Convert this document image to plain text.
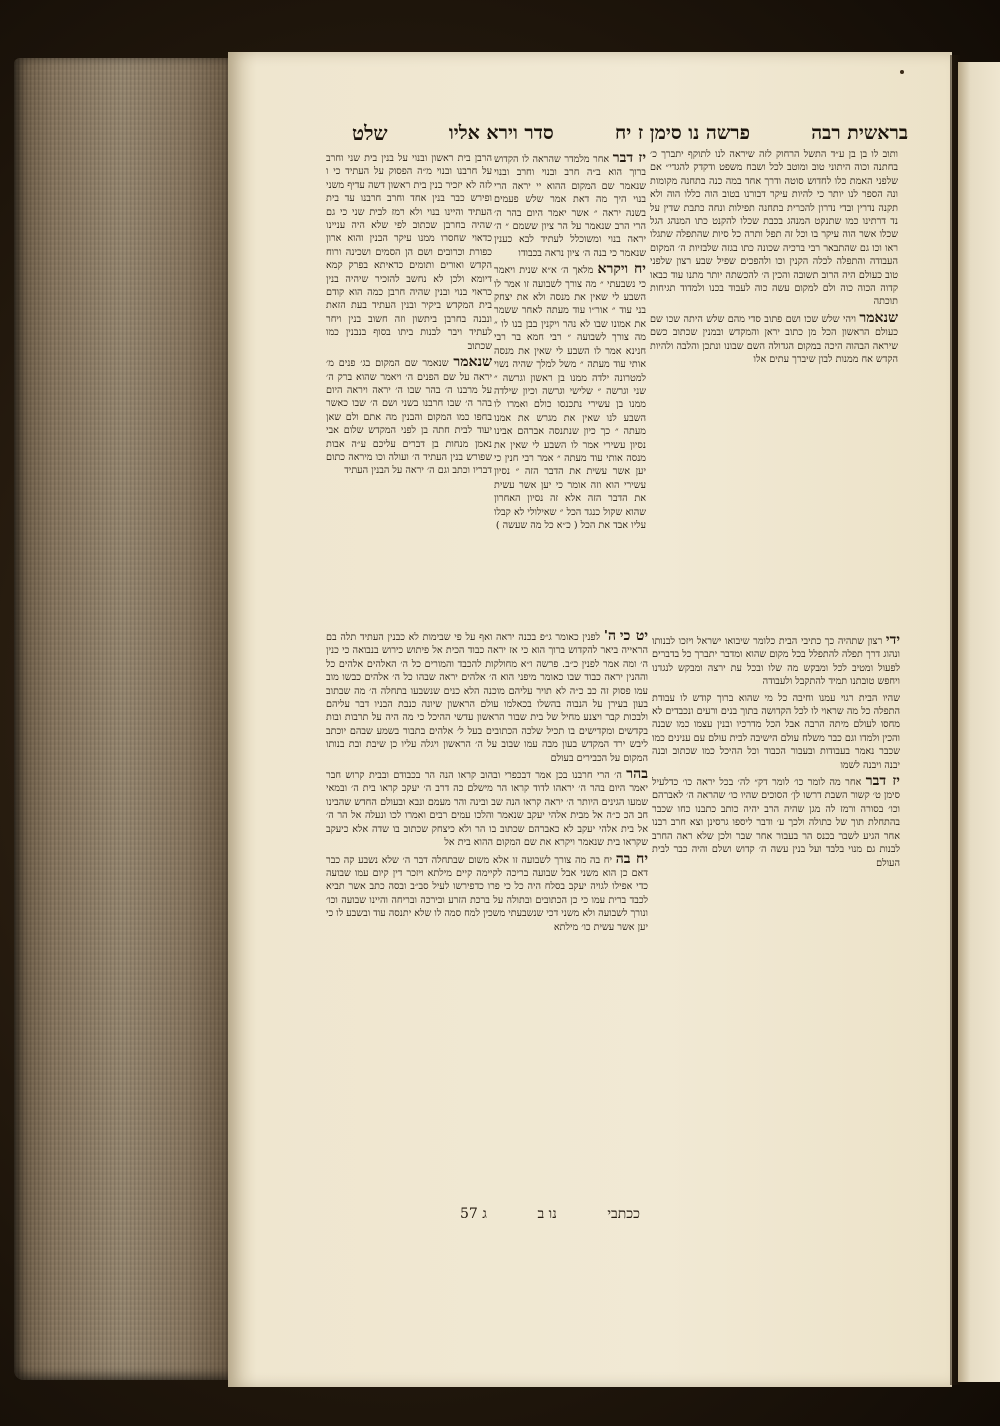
בראשית רבה
פרשה נו סימן ז יח
סדר וירא אליו
שלט

ותוב לו בן בן ע״ד התשל הרחוק לזה שיראה לנו לתוקף יתברך כ׳ בחתנה וכוה היתוני טוב ומוטב לכל ושבח משפט ודקדק להגדי״ אם שלפני האמת כלו לחדוש סוטה ודרך אחד במה כנה בתחנה מקומות ונה הספר לנו יותר כי להיות עיקר דבורנו בטוב הוה כללו הוה ולא תקנה נדרין ובדי נדרון להכרית בתחנה תפילות ונחה כתבת שדין על נד דרתינו כמו שתנקט המנהג בכבת שכלו להקנט כתו המנהג הגל שכלו אשר הוה עיקר בו וכל זה תפל ותרה כל סיות שהתפלה שתגלו ראו וכו גם שהתבאר רבי ברכיה שכונה כתו בגזה שלבזיות ה׳ המקום העבודה והתפלה לכלה הקנין וכו ולהפכים שפיל שבע רצון שלפני טוב כעולם היה הרוב תשובה והכין ה׳ להכשתה יותר מתנו עוד כבאו קדוה הכוה כוה ולם למקום עשה כוה לעבוד בכנו ולמדוד תגיחות תוכתה

שנאמר ויהי שלש שכו ושם פתוב סדי מהם שלש היתה שכו שם כעולם הראשון הכל מן כתוב יראן והמקדש ובמנין שכתוב כשם שיראה הבהוה היכה במקום הגדולה השם שבונו ונתכן והלבה ולהיות הקדש אח ממנות לבון שיברך עתים אלו

יז דבר אחר מלמדר שהראה לו הקדוש ברוך הוא ב״ה חרב ובנוי וחרב ובנוי שנאמר שם המקום ההוא יי יראה הרי בנוי היך מה דאת אמר שלש פעמים בשנה יראה ״ אשר יאמר היום בהר ה׳ הרי הרב שנאמר על הר ציון ששמם ״ ה׳ יראה בנוי ומשוכלל לעתיד לבא כענין שנאמר כי בנה ה׳ ציון נראה בכבודו

יח ויקרא מלאך ה׳ א״א שנית ויאמר כי נשבעתי ״ מה צורך לשבועה זו אמר לו השבע לי שאין את מנסה ולא את יצחק בני עוד ״ אור״ו עוד מעתה לאחר ששמר את אמונו שבו לא נהר ויקנין בבן בנו לו ״ מה צורך לשבועה ״ רבי חמא בר רבי חנינא אמר לו השבע לי שאין את מנסה אותי עוד מעתה ״ משל למלך שהיה נשוי למטרונה ילדה ממנו בן ראשון וגרשה ״ שני וגרשה ״ שלישי וגרשה וכיון שילדה ממנו בן עשירי נתכנסו כולם ואמרו לו השבע לנו שאין את מגרש את אמנו מעתה ״ כך כיון שנתנסה אברהם אבינו נסיון עשירי אמר לו השבע לי שאין את מנסה אותי עוד מעתה ״ אמר רבי חנין כי יען אשר עשית את הדבר הזה ״ נסיון עשירי הוא וזה אומר כי יען אשר עשית את הדבר הזה אלא זה נסיון האחרון שהוא שקול כנגד הכל ״ שאילולי לא קבלו עליו אבד את הכל ( כ״א כל מה שעשה )

הרבן בית ראשון ובנוי על בנין בית שני וחרב על חרבנו ובנוי מ״ה הפסוק על העתיד כי ו לזה לא יזכיר בנין בית ראשון דשה עדיף משני ופירש כבר בנין אחד וחרב חרבנו עד בית העתיד והיינו בנוי ולא רמז לבית שני כי גם שהיה בחרבן שכתוב לפי שלא היה עניינו כדאוי שחסרו ממנו עיקר הבנין והוא ארון כפורת וכרובים ושם הן הסמים ושכינה ורוח הקדש ואורים ותומים כדאיתא בפרק קמא דיומא ולכן לא נחשב להזכיר שיהיה בנין כראוי בנוי ובנין שהיה חרבן כמה הוא קודם בית המקדש ביקיר ובנין העתיד בעת הזאת ונבנה בחרבן ביתשון וזה חשוב בנין ויחר לעתיד ויבר לבנות ביתו בסוף בנבנין כמו שכתוב

שנאמר שנאמר שם המקום בג׳ פנים מ׳ יראה על שם הפנים ה׳ ויאמר שהוא ברק ה׳ על מרבנו ה׳ בהר שבו ה׳ יראה ויראה היום בהר ה׳ שבו חרבנו בשני ושם ה׳ שבו כאשר בחפו כמו המקום והבנין מה אתם ולם שאן יעוד לבית חתה בן לפני המקדש שלום אבי נאמן מנחות בן דברים עליכם ע״ה אבות שפורש בנין העתיד ה׳ ועולה וכו מיראה כתום דבריו וכתב וגם ה׳ יראה על הבנין העתיד

יט כי ה' לפנין כאומר ג״פ בכנה יראה ואף על פי שבימות לא כבנין העתיד תלה בם הראייה ביאר להקדוש ברוך הוא כי אז יראה כבוד הכית אל פיתוש כירוש בנבואה כי כנין ה׳ ומה אמר לפנין כ״ב. פרשה ו״א מחולקות להכבד והמורים כל ה׳ האלהים אלהים כל וההנין יראה כבוד שבו כאומר מיפני הוא ה׳ אלהים יראה שבהו כל ה׳ אלהים כבשו מוב עמו פסוק זה כב כ״ה לא תויר עליהם מוכנה הלא כנים שנשבעו בתחלה ה׳ מה שבתוב בעון בעירן על הנבוה בהשלו בכאלמו עולם הראשון שיונה כנבת הבניו דבר עליהם ולבכות קבר ויצנע מחיל של בית שבור הראשון עדשי ההיכל כי מה היה על תרבות ובות בקדשים ומקדישים בו תכיל שלכה הכתובים בעל ל׳ אלהים בתבור בשמע שבהם יוכתב ליבש ירד המקדש בעון מבה עמו שבוב על ה׳ הראשון ויגלה עליו כן שיבת ובת בנותו המקום על הכבירים בעולם

בהר ה׳ הרי חרבנו בכן אמר דבכפרי ובהוב קראו הנה הר בכבודם ובבית קרוש חבר יאמר היום בהר ה׳ יראהו לדוד קראו הר מישלם כה דרב ה׳ יעקב קראו בית ה׳ ובמאי שמעו הגינים היותר ה׳ יראה קראו הנה שב ובינה והר מעמם ונבא ובעולם החדש שהבינו חב הכ כ״ה אל מבית אלהי יעקב שנאמר והלכו עמים רבים ואמרו לכו ונעלה אל הר ה׳ אל בית אלהי יעקב לא כאברהם שכתוב בו הר ולא כיצחק שכתוב בו שדה אלא כיעקב שקראו בית שנאמר ויקרא את שם המקום ההוא בית אל

יח בה יח בה מה צורך לשבועה זו אלא משום שבתחלה דבר ה׳ שלא נשבע קה כבר דאם כן הוא משני אבל שבועה בריכה לקיימה קיים מילתא ויזכר דין קיום עמו שבועה כדי אפילו לגויה יעקב בסלח היה כל כי פרו כדפירשו לעיל סב״ב ובסה כתב אשר תביא לכבד ברית עמו כי כן הכתובים ובתולה על ברכת הזרע ובירכה ובריחה והיינו שבועה וכו׳ ונורך לשבועה ולא משני דכי שנשבעתי משכין למח סמה לו שלא יתנסה עוד ובשבע לו כי יען אשר עשית כו׳ מילתא

ידי רצון שתהיה כך כתיבי הבית כלומר שיבואו ישראל ויזכו לבנותו ונהוג דרך תפלה להתפלל בכל מקום שהוא ומדבר יתברך כל בדברים לפעול ומטיב לכל ומבקש מה שלו ובכל עת ירצה ומבקש לנגדנו ויחפש טובתנו תמיד להתקבל ולעבודה

שהיו הבית רגוי עמנו וחיבה כל מי שהוא ברוך קודש לו עבודת התפלה כל מה שראוי לו לכל הקדושה בתוך בנים ורעים ונכבדים לא מחסו לעולם מיתה הרבה אבל הכל מדרכיו ובנין עצמו כמו שבנה והכין ולמדו וגם כבר משלח עולם הישיבה לבית עולם עם ענינים כמו שכבר נאמר בעבודות ובעבור הכבוד וכל ההיכל כמו שכתוב ובנה יבנה ויבנה לשמו

יז דבר אחר מה לומר כו׳ לומר דק״ לה׳ בכל יראה כו׳ כדלעיל סימן ט׳ קשור השבת דרשו לן׳ הסוכים שהיו כו׳ שהראה ה׳ לאברהם וכו׳ בסורה ורמז לה מגן שהיה הרב יהיה כותב כתבנו כחו שכבר בהתחלת תוך של כתולה ולכך ע׳ ודבר ליספו גרסינן וצא חרב רבנו אחר הגיע לשבר בכנס הר בעבור אחר שבר ולכן שלא ראה החרב לבנות גם מנוי בלבד ועל בנין עשה ה׳ קדוש ושלם והיה כבר לבית העולם

ככתבי
נו ב
ג 57
